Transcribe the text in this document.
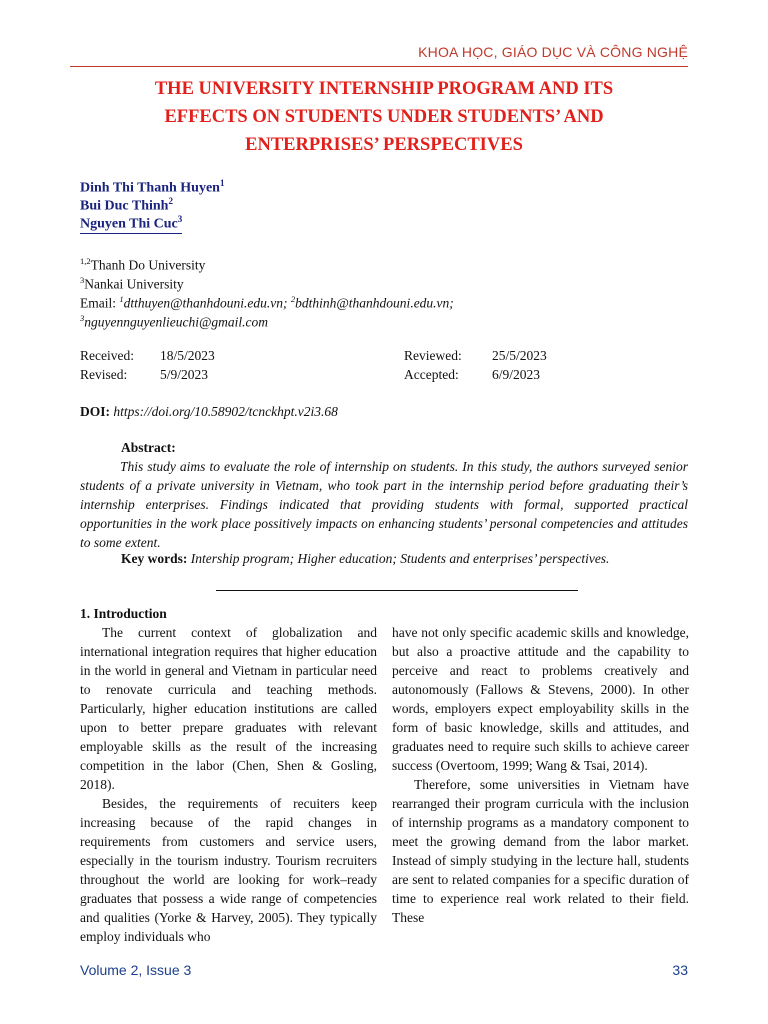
KHOA HỌC, GIÁO DỤC VÀ CÔNG NGHỆ
THE UNIVERSITY INTERNSHIP PROGRAM AND ITS
EFFECTS ON STUDENTS UNDER STUDENTS’ AND
ENTERPRISES’ PERSPECTIVES
Dinh Thi Thanh Huyen$^1$
Bui Duc Thinh$^2$
Nguyen Thi Cuc$^3$
$^{1,2}$Thanh Do University
$^3$Nankai University
Email: $^1$dtthuyen@thanhdouni.edu.vn; $^2$bdthinh@thanhdouni.edu.vn;
$^3$nguyennguyenlieuchi@gmail.com
Received: 18/5/2023
Revised: 5/9/2023
Reviewed: 25/5/2023
Accepted: 6/9/2023
DOI: https://doi.org/10.58902/tcnckhpt.v2i3.68
Abstract:
This study aims to evaluate the role of internship on students. In this study, the authors surveyed senior students of a private university in Vietnam, who took part in the internship period before graduating their’s internship enterprises. Findings indicated that providing students with formal, supported practical opportunities in the work place possitively impacts on enhancing students’ personal competencies and attitudes to some extent.
Key words: Intership program; Higher education; Students and enterprises’ perspectives.

1. Introduction

The current context of globalization and international integration requires that higher education in the world in general and Vietnam in particular need to renovate curricula and teaching methods. Particularly, higher education institutions are called upon to better prepare graduates with relevant employable skills as the result of the increasing competition in the labor (Chen, Shen & Gosling, 2018).

Besides, the requirements of recuiters keep increasing because of the rapid changes in requirements from customers and service users, especially in the tourism industry. Tourism recruiters throughout the world are looking for work–ready graduates that possess a wide range of competencies and qualities (Yorke & Harvey, 2005). They typically employ individuals who

have not only specific academic skills and knowledge, but also a proactive attitude and the capability to perceive and react to problems creatively and autonomously (Fallows & Stevens, 2000). In other words, employers expect employability skills in the form of basic knowledge, skills and attitudes, and graduates need to require such skills to achieve career success (Overtoom, 1999; Wang & Tsai, 2014).

Therefore, some universities in Vietnam have rearranged their program curricula with the inclusion of internship programs as a mandatory component to meet the growing demand from the labor market. Instead of simply studying in the lecture hall, students are sent to related companies for a specific duration of time to experience real work related to their field. These

Volume 2, Issue 3	33
